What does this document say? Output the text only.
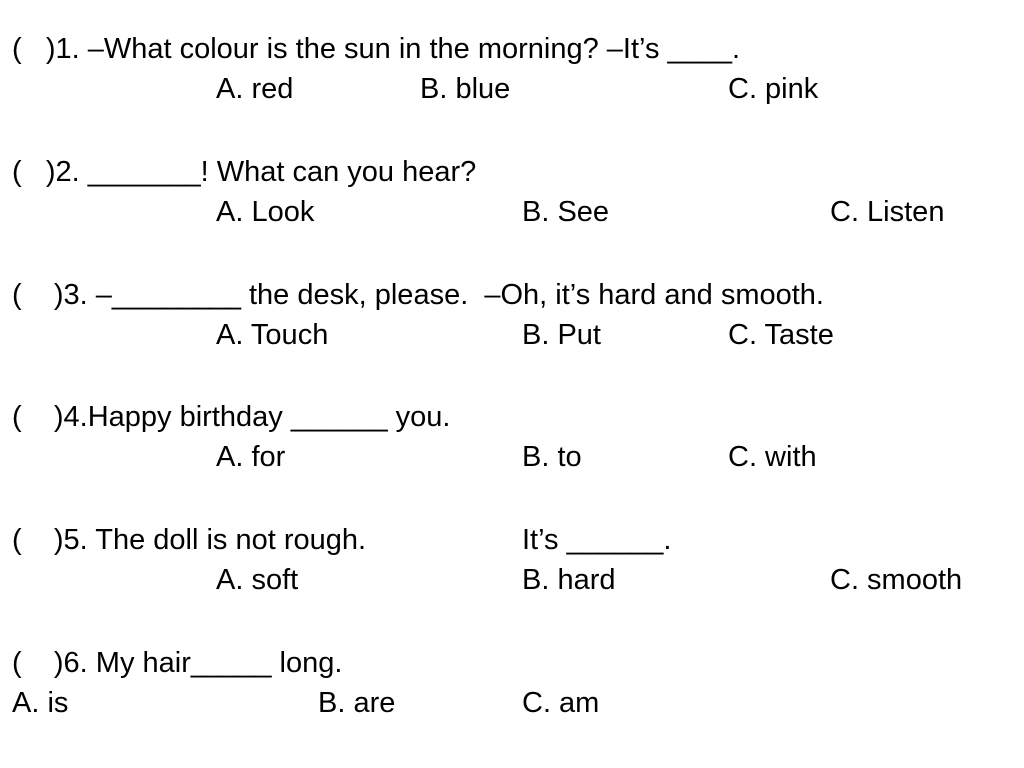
(   )1. –What colour is the sun in the morning? –It’s ____.
A. red	B. blue	C. pink
(   )2. _______! What can you hear?
A. Look	B. See	C. Listen
(    )3. –________ the desk, please.  –Oh, it’s hard and smooth.
A. Touch	B. Put	C. Taste
(    )4.Happy birthday ______ you.
A. for	B. to	C. with
(    )5. The doll is not rough.	It’s ______.
A. soft	B. hard	C. smooth
(    )6. My hair_____ long.
A. is	B. are	C. am
